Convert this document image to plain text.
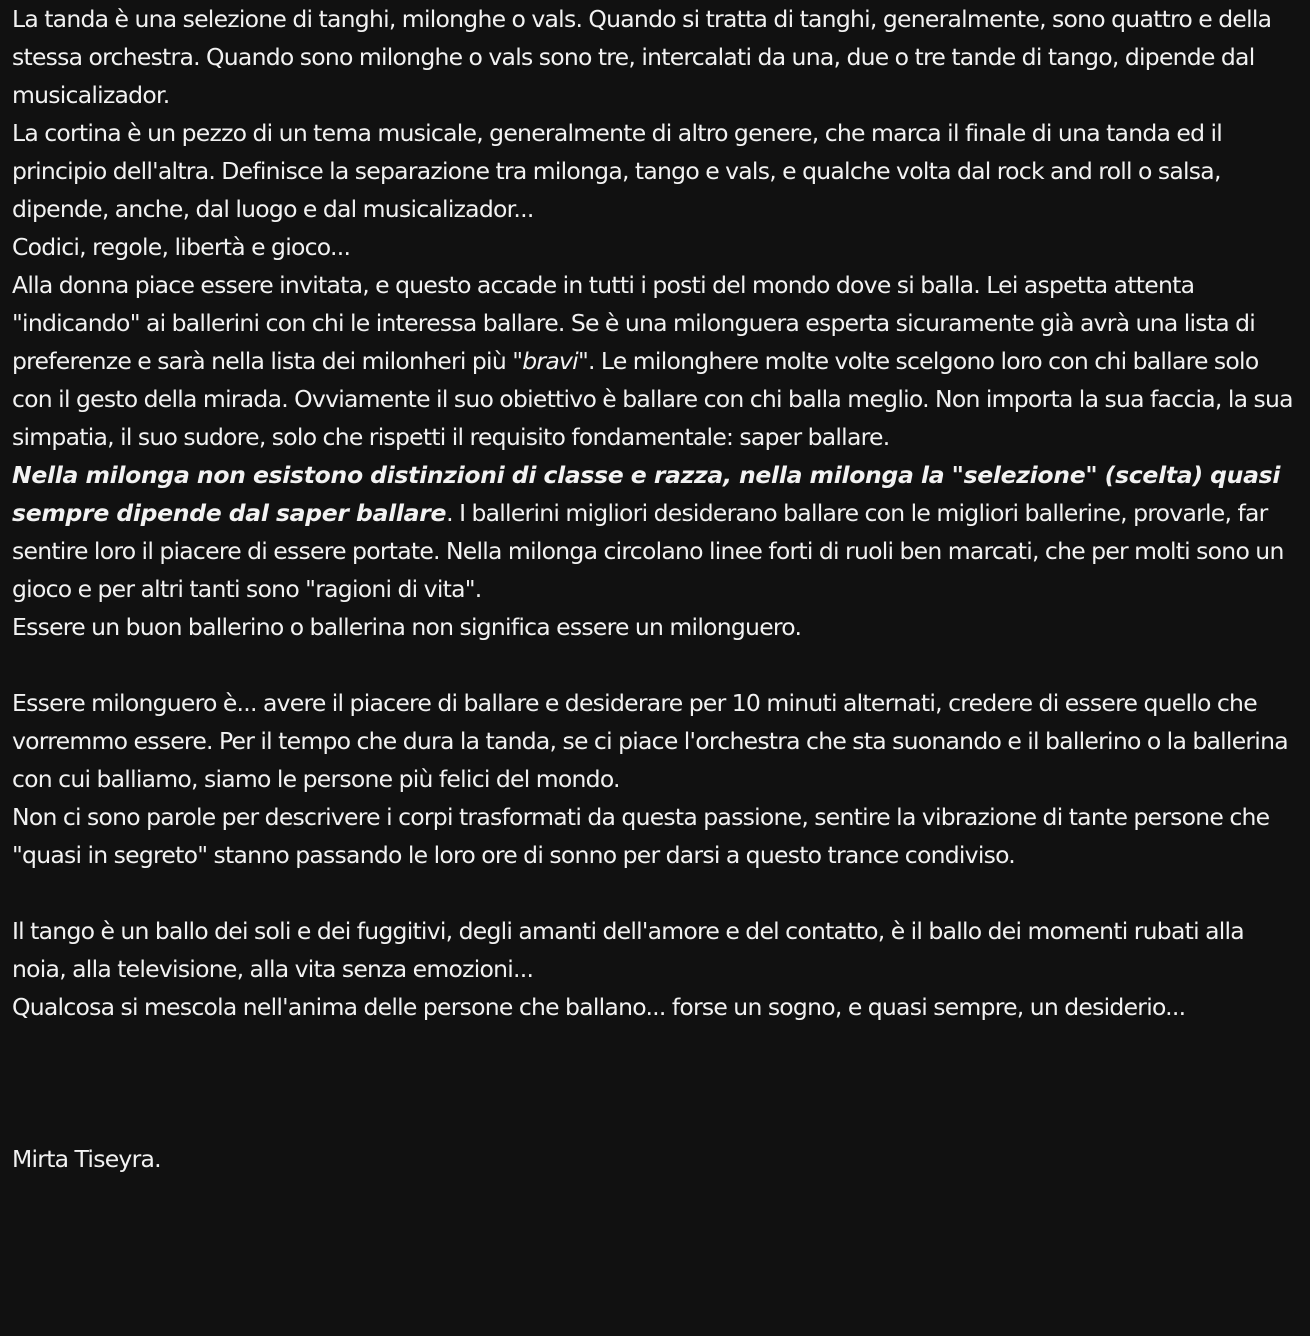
La tanda è una selezione di tanghi, milonghe o vals. Quando si tratta di tanghi, generalmente, sono quattro e della stessa orchestra. Quando sono milonghe o vals sono tre, intercalati da una, due o tre tande di tango, dipende dal musicalizador.

La cortina è un pezzo di un tema musicale, generalmente di altro genere, che marca il finale di una tanda ed il principio dell'altra. Definisce la separazione tra milonga, tango e vals, e qualche volta dal rock and roll o salsa, dipende, anche, dal luogo e dal musicalizador...

Codici, regole, libertà e gioco...

Alla donna piace essere invitata, e questo accade in tutti i posti del mondo dove si balla. Lei aspetta attenta "indicando" ai ballerini con chi le interessa ballare. Se è una milonguera esperta sicuramente già avrà una lista di preferenze e sarà nella lista dei milonheri più "bravi". Le milonghere molte volte scelgono loro con chi ballare solo con il gesto della mirada. Ovviamente il suo obiettivo è ballare con chi balla meglio. Non importa la sua faccia, la sua simpatia, il suo sudore, solo che rispetti il requisito fondamentale: saper ballare.

Nella milonga non esistono distinzioni di classe e razza, nella milonga la "selezione" (scelta) quasi sempre dipende dal saper ballare. I ballerini migliori desiderano ballare con le migliori ballerine, provarle, far sentire loro il piacere di essere portate. Nella milonga circolano linee forti di ruoli ben marcati, che per molti sono un gioco e per altri tanti sono "ragioni di vita".

Essere un buon ballerino o ballerina non significa essere un milonguero.

Essere milonguero è... avere il piacere di ballare e desiderare per 10 minuti alternati, credere di essere quello che vorremmo essere. Per il tempo che dura la tanda, se ci piace l'orchestra che sta suonando e il ballerino o la ballerina con cui balliamo, siamo le persone più felici del mondo.

Non ci sono parole per descrivere i corpi trasformati da questa passione, sentire la vibrazione di tante persone che "quasi in segreto" stanno passando le loro ore di sonno per darsi a questo trance condiviso.

Il tango è un ballo dei soli e dei fuggitivi, degli amanti dell'amore e del contatto, è il ballo dei momenti rubati alla noia, alla televisione, alla vita senza emozioni...

Qualcosa si mescola nell'anima delle persone che ballano... forse un sogno, e quasi sempre, un desiderio...

Mirta Tiseyra.
